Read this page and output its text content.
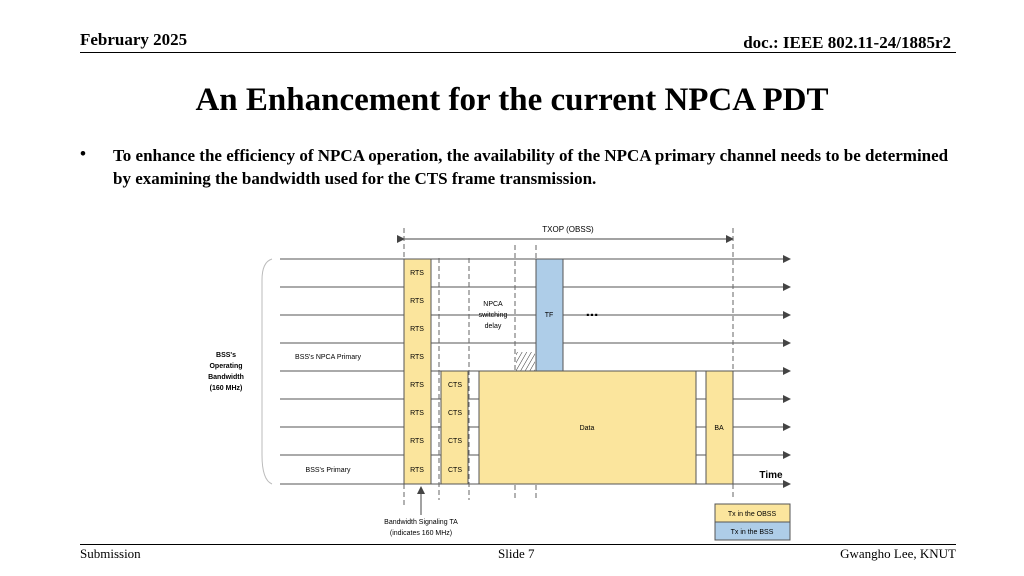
February 2025	doc.: IEEE 802.11-24/1885r2
An Enhancement for the current NPCA PDT
• To enhance the efficiency of NPCA operation, the availability of the NPCA primary channel needs to be determined by examining the bandwidth used for the CTS frame transmission.
TXOP (OBSS)
RTS
RTS
RTS
RTS
RTS
RTS
RTS
RTS
CTS
CTS
CTS
CTS
NPCA
switching
delay
TF ...
Data	BA
Time
BSS's
Operating
Bandwidth
(160 MHz)
BSS's NPCA Primary
BSS's Primary
Bandwidth Signaling TA
(indicates 160 MHz)
Tx in the OBSS
Tx in the BSS
Submission	Slide 7	Gwangho Lee, KNUT
